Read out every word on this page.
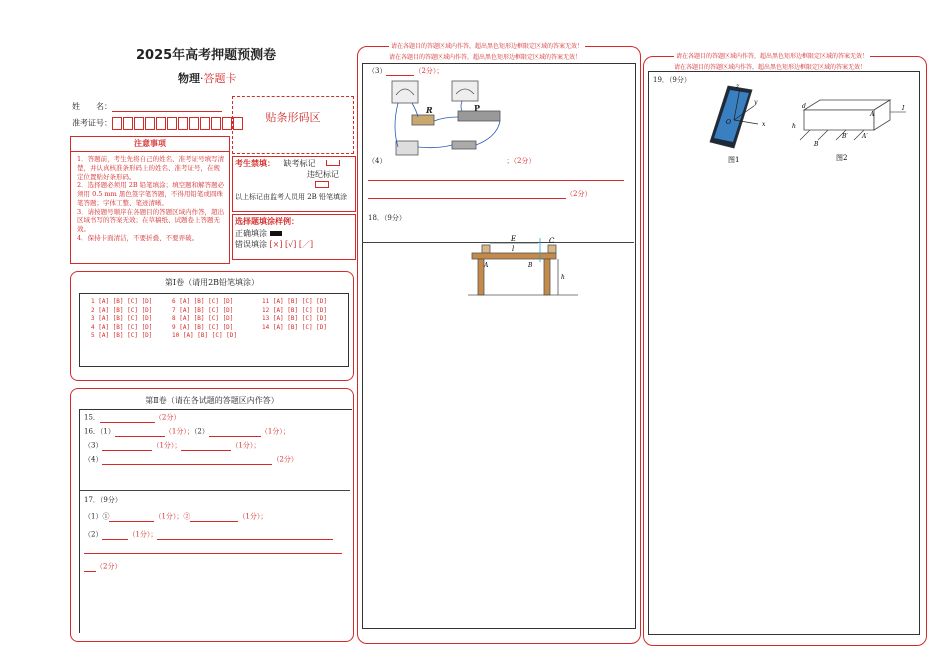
2025年高考押题预测卷
物理·答题卡
姓　　名：
准考证号：	贴条形码区
注意事项
1．答题前，考生先将自己的姓名、准考证号填写清楚，并认真核准条形码上的姓名、准考证号，在规定位置贴好条形码。
2．选择题必须用 2B 铅笔填涂；填空题和解答题必须用 0.5 mm 黑色签字笔答题，不得用铅笔或圆珠笔答题；字体工整、笔迹清晰。
3．请按题号顺序在各题目的答题区域内作答，超出区域书写的答案无效；在草稿纸、试题卷上答题无效。
4．保持卡面清洁，不要折叠、不要弄破。
考生禁填： 缺考标记
违纪标记
以上标记由监考人员用 2B 铅笔填涂
选择题填涂样例：
正确填涂
错误填涂 [×] [√] [／]
第Ⅰ卷（请用2B铅笔填涂）
1 [A] [B] [C] [D]
2 [A] [B] [C] [D]
3 [A] [B] [C] [D]
4 [A] [B] [C] [D]
5 [A] [B] [C] [D]
6 [A] [B] [C] [D]
7 [A] [B] [C] [D]
8 [A] [B] [C] [D]
9 [A] [B] [C] [D]
10 [A] [B] [C] [D]
11 [A] [B] [C] [D]
12 [A] [B] [C] [D]
13 [A] [B] [C] [D]
14 [A] [B] [C] [D]
第Ⅱ卷（请在各试题的答题区内作答）
15．	（2分）
16．（1）	（1分）；（2）	（1分）；
（3）	（1分）；	（1分）；
（4）	（2分）
17．（9分）
（1）①	（1分）；②	（1分）；
（2）	（1分）；
（2分）
请在各题目的答题区域内作答，超出黑色矩形边框限定区域的答案无效！
请在各题目的答题区域内作答，超出黑色矩形边框限定区域的答案无效！
（3）	（2分）；
R	P
（4）	；（2分）
（2分）
18．（9分）
E
l
C
A	B
h
请在各题目的答题区域内作答，超出黑色矩形边框限定区域的答案无效！
请在各题目的答题区域内作答，超出黑色矩形边框限定区域的答案无效！
19．（9分）
z
y
x
O
图1
d	I
h
A
A′
B
B′
图2
